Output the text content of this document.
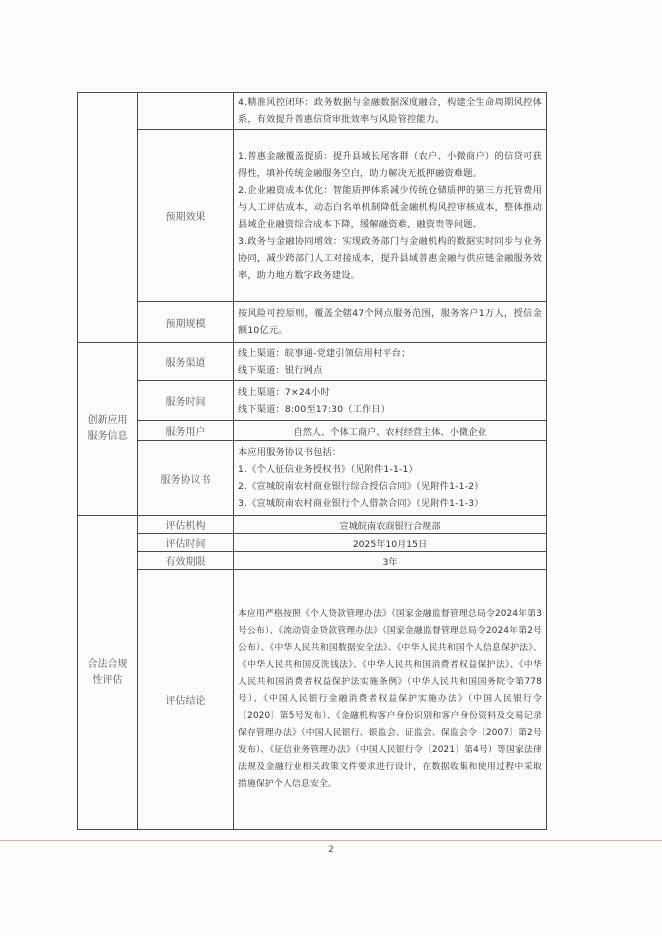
		4.精准风控闭环：政务数据与金融数据深度融合，构建全生命周期风控体系，有效提升普惠信贷审批效率与风险管控能力。
	预期效果	1.普惠金融覆盖提质：提升县域长尾客群（农户、小微商户）的信贷可获得性，填补传统金融服务空白，助力解决无抵押融资难题。

2.企业融资成本优化：智能质押体系减少传统仓储质押的第三方托管费用与人工评估成本，动态白名单机制降低金融机构风控审核成本，整体推动县域企业融资综合成本下降，缓解融资难、融资贵等问题。

3.政务与金融协同增效：实现政务部门与金融机构的数据实时同步与业务协同，减少跨部门人工对接成本，提升县域普惠金融与供应链金融服务效率，助力地方数字政务建设。

	预期规模	按风险可控原则，覆盖全辖47个网点服务范围，服务客户1万人，授信金额10亿元。
创新应用服务信息	服务渠道	线上渠道：皖事通-党建引领信用村平台；
线下渠道：银行网点

	服务时间	线上渠道：7×24小时
线下渠道：8:00至17:30（工作日）

	服务用户	自然人、个体工商户、农村经营主体、小微企业
	服务协议书	本应用服务协议书包括：
1.《个人征信业务授权书》（见附件1-1-1）
2.《宣城皖南农村商业银行综合授信合同》（见附件1-1-2）
3.《宣城皖南农村商业银行个人借款合同》（见附件1-1-3）

合法合规性评估	评估机构	宣城皖南农商银行合规部
	评估时间	2025年10月15日
	有效期限	3年
	评估结论	本应用严格按照《个人贷款管理办法》（国家金融监督管理总局令2024年第3号公布）、《流动资金贷款管理办法》（国家金融监督管理总局令2024年第2号公布）、《中华人民共和国数据安全法》、《中华人民共和国个人信息保护法》、《中华人民共和国反洗钱法》、《中华人民共和国消费者权益保护法》、《中华人民共和国消费者权益保护法实施条例》（中华人民共和国国务院令第778号）、《中国人民银行金融消费者权益保护实施办法》（中国人民银行令〔2020〕第5号发布）、《金融机构客户身份识别和客户身份资料及交易记录保存管理办法》（中国人民银行、银监会、证监会、保监会令〔2007〕第2号发布）、《征信业务管理办法》（中国人民银行令〔2021〕第4号）等国家法律法规及金融行业相关政策文件要求进行设计，在数据收集和使用过程中采取措施保护个人信息安全。
2
